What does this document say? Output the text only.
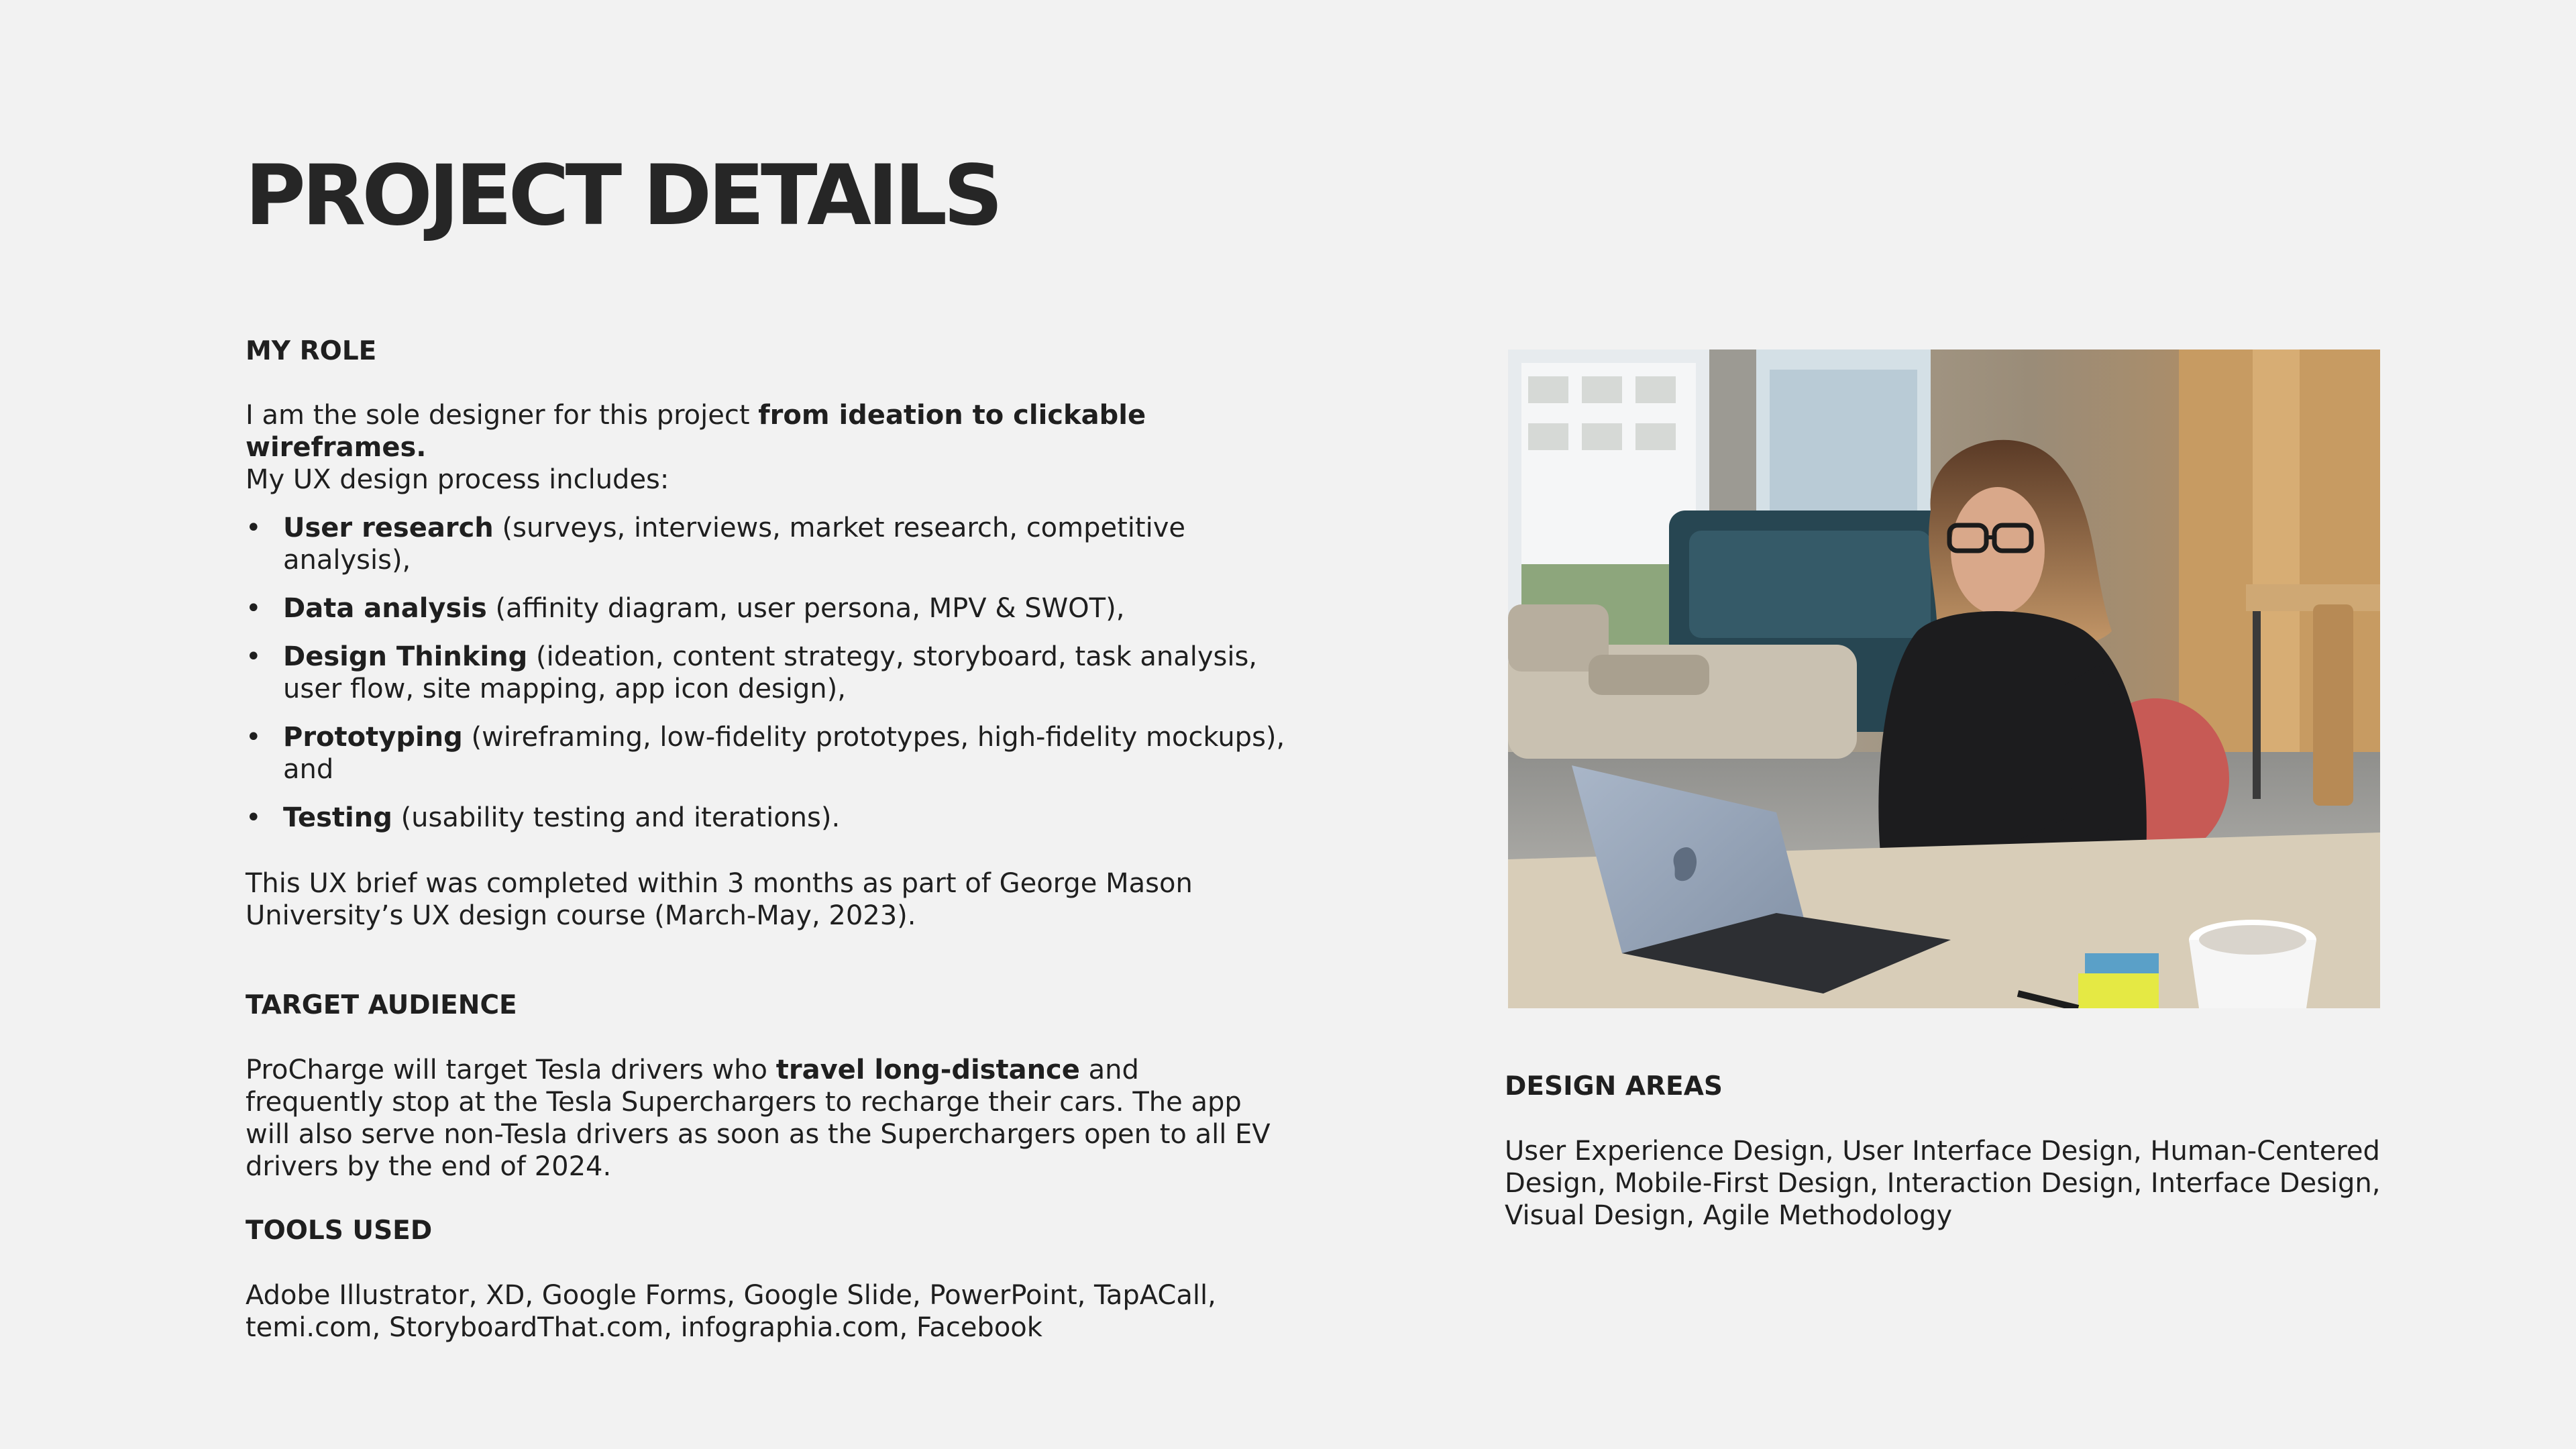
PROJECT DETAILS
MY ROLE

I am the sole designer for this project from ideation to clickable wireframes.
My UX design process includes:

• User research (surveys, interviews, market research, competitive analysis),
• Data analysis (affinity diagram, user persona, MPV & SWOT),
• Design Thinking (ideation, content strategy, storyboard, task analysis, user flow, site mapping, app icon design),
• Prototyping (wireframing, low-fidelity prototypes, high-fidelity mockups), and
• Testing (usability testing and iterations).

This UX brief was completed within 3 months as part of George Mason University’s UX design course (March-May, 2023).

TARGET AUDIENCE

ProCharge will target Tesla drivers who travel long-distance and frequently stop at the Tesla Superchargers to recharge their cars. The app will also serve non-Tesla drivers as soon as the Superchargers open to all EV drivers by the end of 2024.

TOOLS USED

Adobe Illustrator, XD, Google Forms, Google Slide, PowerPoint, TapACall, temi.com, StoryboardThat.com, infographia.com, Facebook

DESIGN AREAS

User Experience Design, User Interface Design, Human-Centered Design, Mobile-First Design, Interaction Design, Interface Design, Visual Design, Agile Methodology
